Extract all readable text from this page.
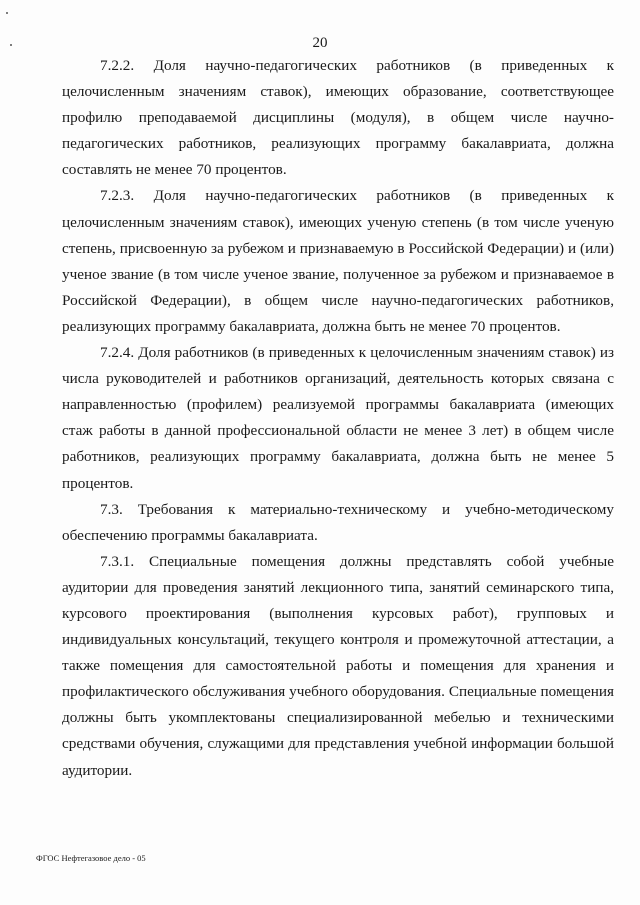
20

7.2.2. Доля научно-педагогических работников (в приведенных к целочисленным значениям ставок), имеющих образование, соответствующее профилю преподаваемой дисциплины (модуля), в общем числе научно-педагогических работников, реализующих программу бакалавриата, должна составлять не менее 70 процентов.

7.2.3. Доля научно-педагогических работников (в приведенных к целочисленным значениям ставок), имеющих ученую степень (в том числе ученую степень, присвоенную за рубежом и признаваемую в Российской Федерации) и (или) ученое звание (в том числе ученое звание, полученное за рубежом и признаваемое в Российской Федерации), в общем числе научно-педагогических работников, реализующих программу бакалавриата, должна быть не менее 70 процентов.

7.2.4. Доля работников (в приведенных к целочисленным значениям ставок) из числа руководителей и работников организаций, деятельность которых связана с направленностью (профилем) реализуемой программы бакалавриата (имеющих стаж работы в данной профессиональной области не менее 3 лет) в общем числе работников, реализующих программу бакалавриата, должна быть не менее 5 процентов.

7.3. Требования к материально-техническому и учебно-методическому обеспечению программы бакалавриата.

7.3.1. Специальные помещения должны представлять собой учебные аудитории для проведения занятий лекционного типа, занятий семинарского типа, курсового проектирования (выполнения курсовых работ), групповых и индивидуальных консультаций, текущего контроля и промежуточной аттестации, а также помещения для самостоятельной работы и помещения для хранения и профилактического обслуживания учебного оборудования. Специальные помещения должны быть укомплектованы специализированной мебелью и техническими средствами обучения, служащими для представления учебной информации большой аудитории.

ФГОС Нефтегазовое дело - 05
